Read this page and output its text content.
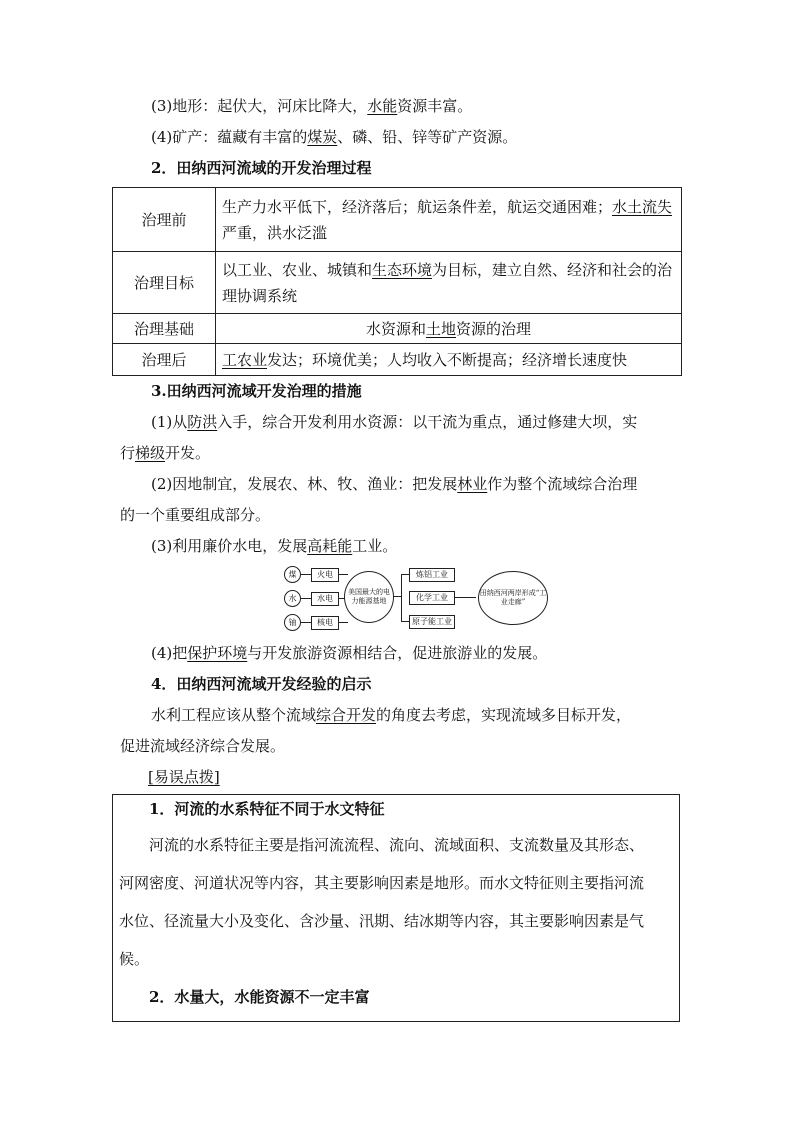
(3)地形：起伏大，河床比降大，水能资源丰富。
(4)矿产：蕴藏有丰富的煤炭、磷、铅、锌等矿产资源。
2．田纳西河流域的开发治理过程
治理前	生产力水平低下，经济落后；航运条件差，航运交通困难；水土流失严重，洪水泛滥
治理目标	以工业、农业、城镇和生态环境为目标，建立自然、经济和社会的治理协调系统
治理基础	水资源和土地资源的治理
治理后	工农业发达；环境优美；人均收入不断提高；经济增长速度快
3.田纳西河流域开发治理的措施
(1)从防洪入手，综合开发利用水资源：以干流为重点，通过修建大坝，实
行梯级开发。
(2)因地制宜，发展农、林、牧、渔业：把发展林业作为整个流域综合治理
的一个重要组成部分。
(3)利用廉价水电，发展高耗能工业。
煤
水
铀
火电
水电
核电
美国最大的电力能源基地
炼铝工业
化学工业
原子能工业
田纳西河两岸形成“工业走廊”
(4)把保护环境与开发旅游资源相结合，促进旅游业的发展。
4．田纳西河流域开发经验的启示
水利工程应该从整个流域综合开发的角度去考虑，实现流域多目标开发，
促进流域经济综合发展。
[易误点拨]
1．河流的水系特征不同于水文特征
河流的水系特征主要是指河流流程、流向、流域面积、支流数量及其形态、
河网密度、河道状况等内容，其主要影响因素是地形。而水文特征则主要指河流
水位、径流量大小及变化、含沙量、汛期、结冰期等内容，其主要影响因素是气
候。
2．水量大，水能资源不一定丰富
